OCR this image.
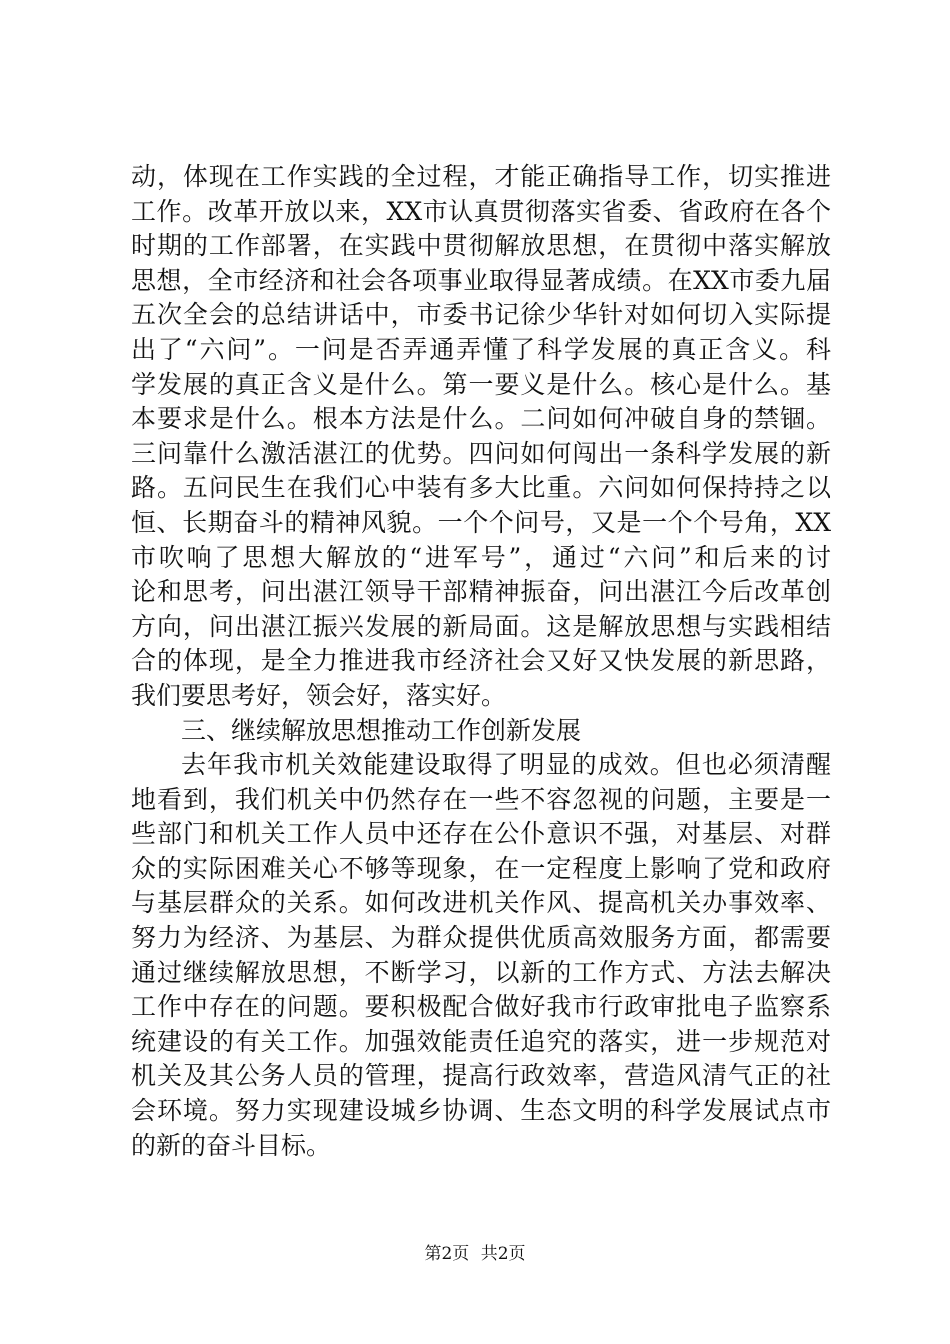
动，体现在工作实践的全过程，才能正确指导工作，切实推进
工作。改革开放以来，XX市认真贯彻落实省委、省政府在各个
时期的工作部署，在实践中贯彻解放思想，在贯彻中落实解放
思想，全市经济和社会各项事业取得显著成绩。在XX市委九届
五次全会的总结讲话中，市委书记徐少华针对如何切入实际提
出了“六问”。一问是否弄通弄懂了科学发展的真正含义。科
学发展的真正含义是什么。第一要义是什么。核心是什么。基
本要求是什么。根本方法是什么。二问如何冲破自身的禁锢。
三问靠什么激活湛江的优势。四问如何闯出一条科学发展的新
路。五问民生在我们心中装有多大比重。六问如何保持持之以
恒、长期奋斗的精神风貌。一个个问号，又是一个个号角，XX
市吹响了思想大解放的“进军号”，通过“六问”和后来的讨
论和思考，问出湛江领导干部精神振奋，问出湛江今后改革创
方向，问出湛江振兴发展的新局面。这是解放思想与实践相结
合的体现，是全力推进我市经济社会又好又快发展的新思路，
我们要思考好，领会好，落实好。
三、继续解放思想推动工作创新发展
去年我市机关效能建设取得了明显的成效。但也必须清醒
地看到，我们机关中仍然存在一些不容忽视的问题，主要是一
些部门和机关工作人员中还存在公仆意识不强，对基层、对群
众的实际困难关心不够等现象，在一定程度上影响了党和政府
与基层群众的关系。如何改进机关作风、提高机关办事效率、
努力为经济、为基层、为群众提供优质高效服务方面，都需要
通过继续解放思想，不断学习，以新的工作方式、方法去解决
工作中存在的问题。要积极配合做好我市行政审批电子监察系
统建设的有关工作。加强效能责任追究的落实，进一步规范对
机关及其公务人员的管理，提高行政效率，营造风清气正的社
会环境。努力实现建设城乡协调、生态文明的科学发展试点市
的新的奋斗目标。
第2页 共2页
